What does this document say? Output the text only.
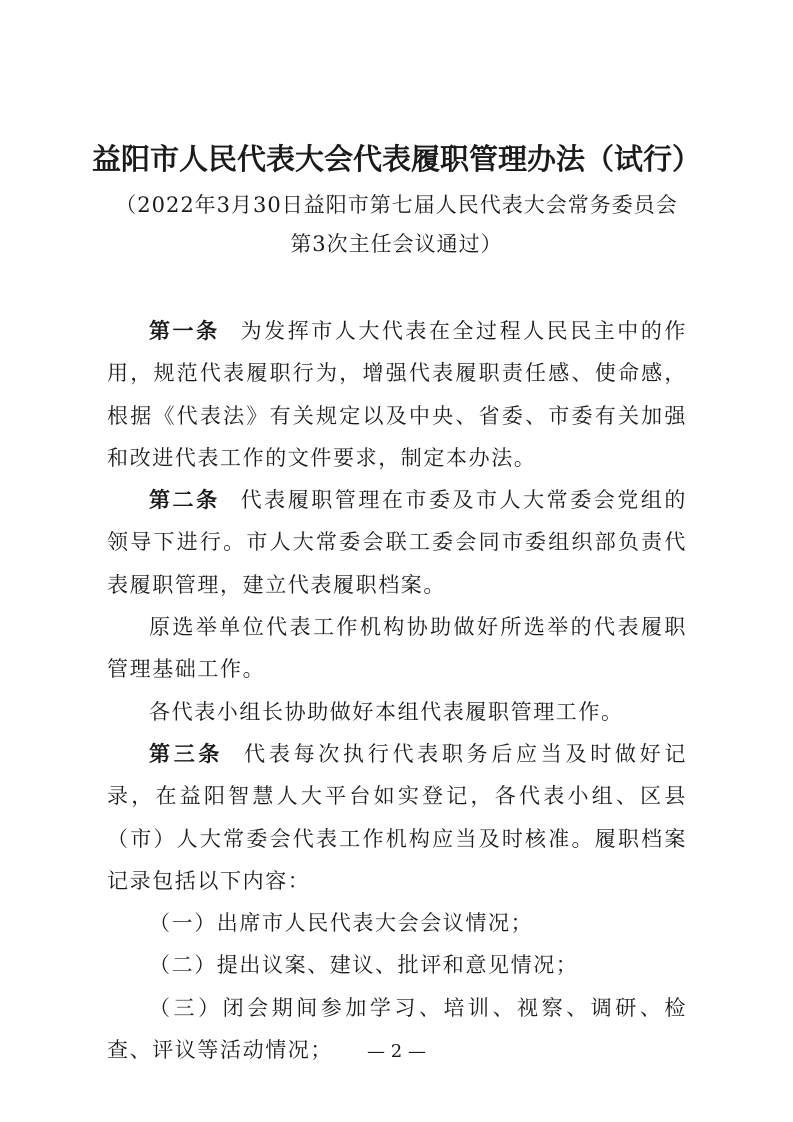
益阳市人民代表大会代表履职管理办法（试行）
（2022年3月30日益阳市第七届人民代表大会常务委员会
第3次主任会议通过）

第一条 为发挥市人大代表在全过程人民民主中的作用，规范代表履职行为，增强代表履职责任感、使命感，根据《代表法》有关规定以及中央、省委、市委有关加强和改进代表工作的文件要求，制定本办法。

第二条 代表履职管理在市委及市人大常委会党组的领导下进行。市人大常委会联工委会同市委组织部负责代表履职管理，建立代表履职档案。

原选举单位代表工作机构协助做好所选举的代表履职管理基础工作。

各代表小组长协助做好本组代表履职管理工作。

第三条 代表每次执行代表职务后应当及时做好记录，在益阳智慧人大平台如实登记，各代表小组、区县（市）人大常委会代表工作机构应当及时核准。履职档案记录包括以下内容：

（一）出席市人民代表大会会议情况；

（二）提出议案、建议、批评和意见情况；

（三）闭会期间参加学习、培训、视察、调研、检查、评议等活动情况；	— 2 —
